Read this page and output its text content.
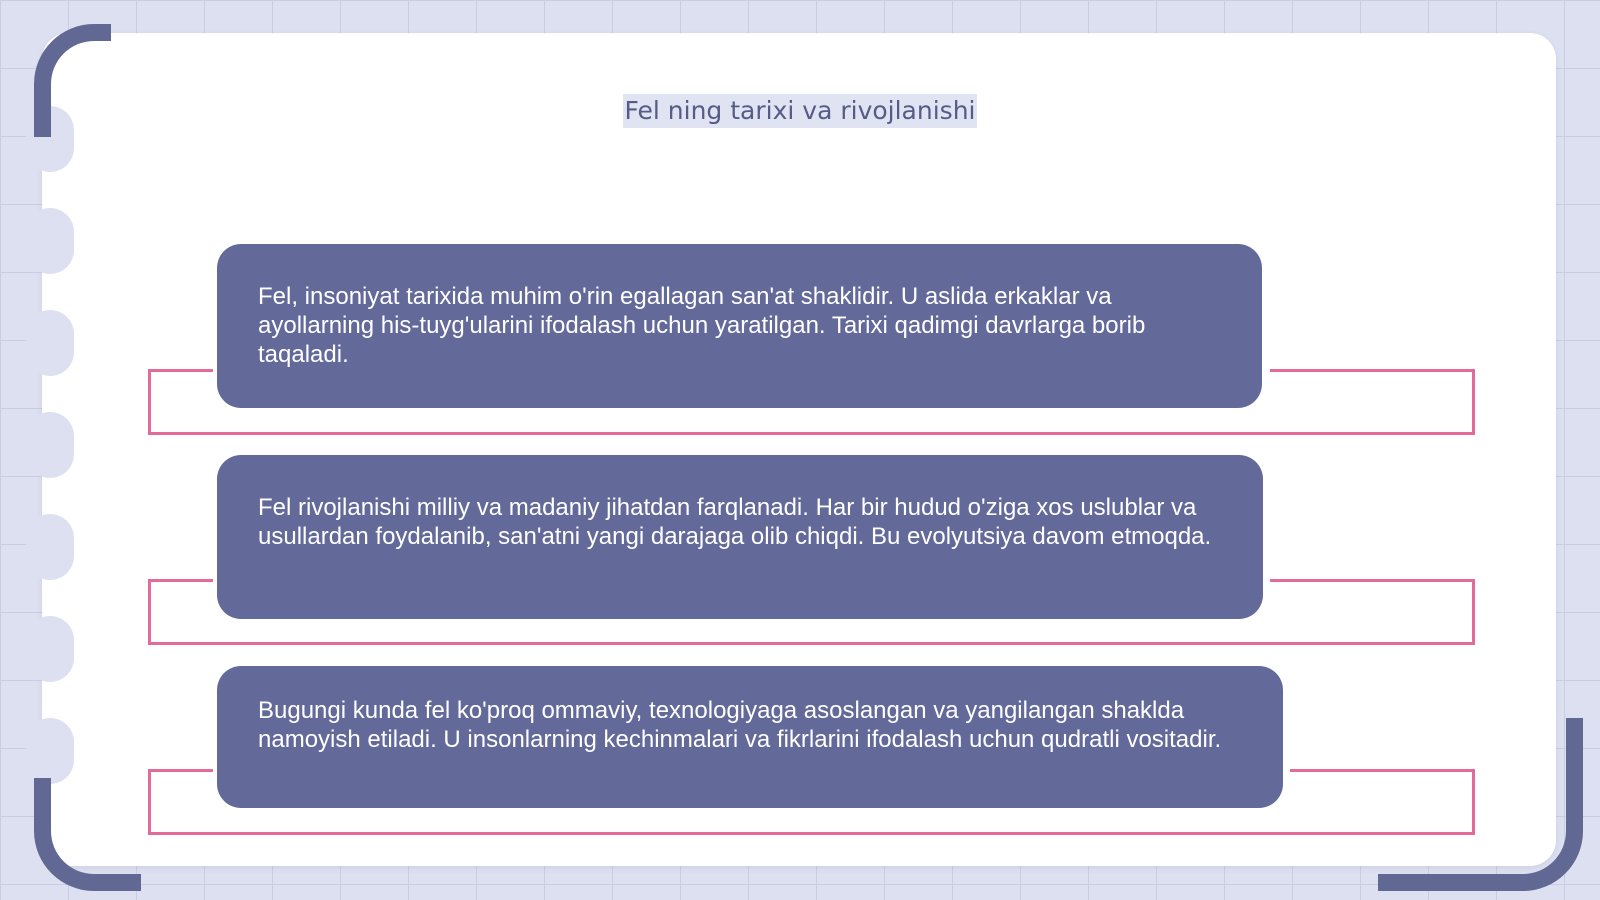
Fel ning tarixi va rivojlanishi
Fel, insoniyat tarixida muhim o'rin egallagan san'at shaklidir. U aslida erkaklar va ayollarning his-tuyg'ularini ifodalash uchun yaratilgan. Tarixi qadimgi davrlarga borib taqaladi.
Fel rivojlanishi milliy va madaniy jihatdan farqlanadi. Har bir hudud o'ziga xos uslublar va usullardan foydalanib, san'atni yangi darajaga olib chiqdi. Bu evolyutsiya davom etmoqda.
Bugungi kunda fel ko'proq ommaviy, texnologiyaga asoslangan va yangilangan shaklda namoyish etiladi. U insonlarning kechinmalari va fikrlarini ifodalash uchun qudratli vositadir.
